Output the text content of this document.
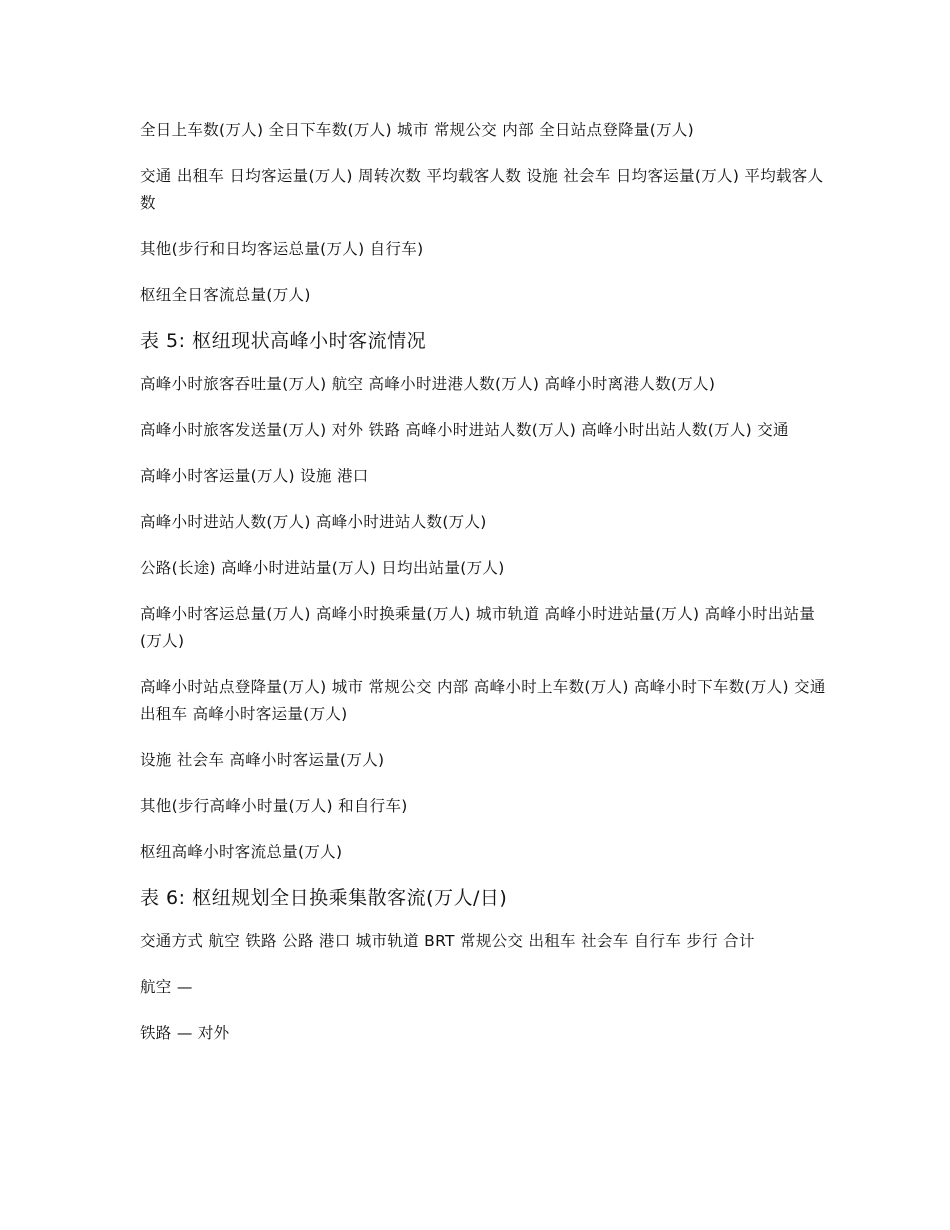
全日上车数(万人) 全日下车数(万人) 城市 常规公交 内部 全日站点登降量(万人)

交通 出租车 日均客运量(万人) 周转次数 平均载客人数 设施 社会车 日均客运量(万人) 平均载客人数

其他(步行和日均客运总量(万人) 自行车)

枢纽全日客流总量(万人)

表 5: 枢纽现状高峰小时客流情况

高峰小时旅客吞吐量(万人) 航空 高峰小时进港人数(万人) 高峰小时离港人数(万人)

高峰小时旅客发送量(万人) 对外 铁路 高峰小时进站人数(万人) 高峰小时出站人数(万人) 交通

高峰小时客运量(万人) 设施 港口

高峰小时进站人数(万人) 高峰小时进站人数(万人)

公路(长途) 高峰小时进站量(万人) 日均出站量(万人)

高峰小时客运总量(万人) 高峰小时换乘量(万人) 城市轨道 高峰小时进站量(万人) 高峰小时出站量(万人)

高峰小时站点登降量(万人) 城市 常规公交 内部 高峰小时上车数(万人) 高峰小时下车数(万人) 交通 出租车 高峰小时客运量(万人)

设施 社会车 高峰小时客运量(万人)

其他(步行高峰小时量(万人) 和自行车)

枢纽高峰小时客流总量(万人)

表 6: 枢纽规划全日换乘集散客流(万人/日)

交通方式 航空 铁路 公路 港口 城市轨道 BRT 常规公交 出租车 社会车 自行车 步行 合计

航空 —

铁路 — 对外
